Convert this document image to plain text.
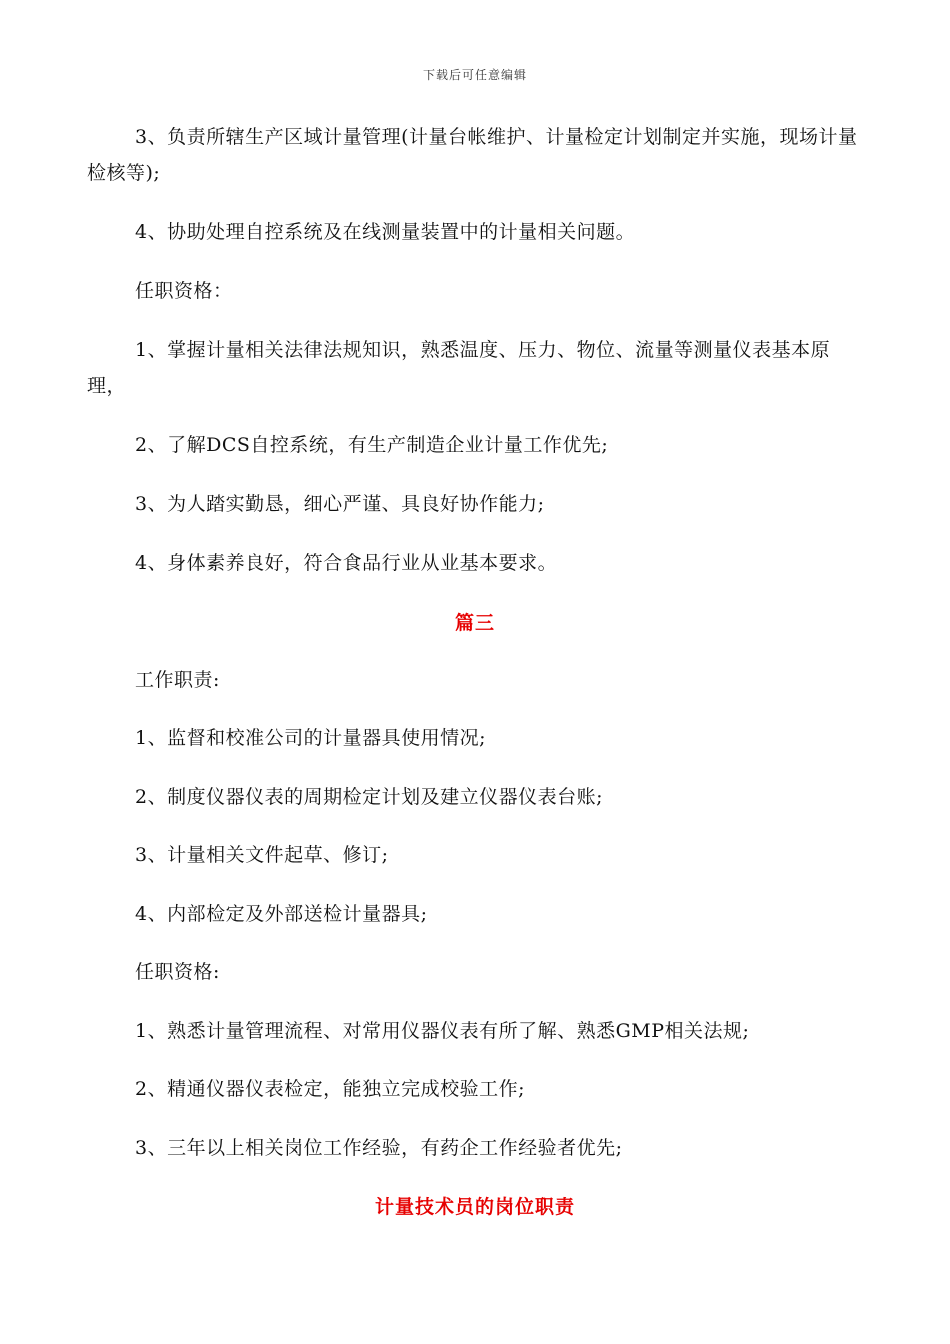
下载后可任意编辑
3、负责所辖生产区域计量管理(计量台帐维护、计量检定计划制定并实施，现场计量检核等);
4、协助处理自控系统及在线测量装置中的计量相关问题。
任职资格：
1、掌握计量相关法律法规知识，熟悉温度、压力、物位、流量等测量仪表基本原理，
2、了解DCS自控系统，有生产制造企业计量工作优先;
3、为人踏实勤恳，细心严谨、具良好协作能力;
4、身体素养良好，符合食品行业从业基本要求。
篇三
工作职责:
1、监督和校准公司的计量器具使用情况;
2、制度仪器仪表的周期检定计划及建立仪器仪表台账;
3、计量相关文件起草、修订;
4、内部检定及外部送检计量器具;
任职资格:
1、熟悉计量管理流程、对常用仪器仪表有所了解、熟悉GMP相关法规;
2、精通仪器仪表检定，能独立完成校验工作;
3、三年以上相关岗位工作经验，有药企工作经验者优先;
计量技术员的岗位职责
